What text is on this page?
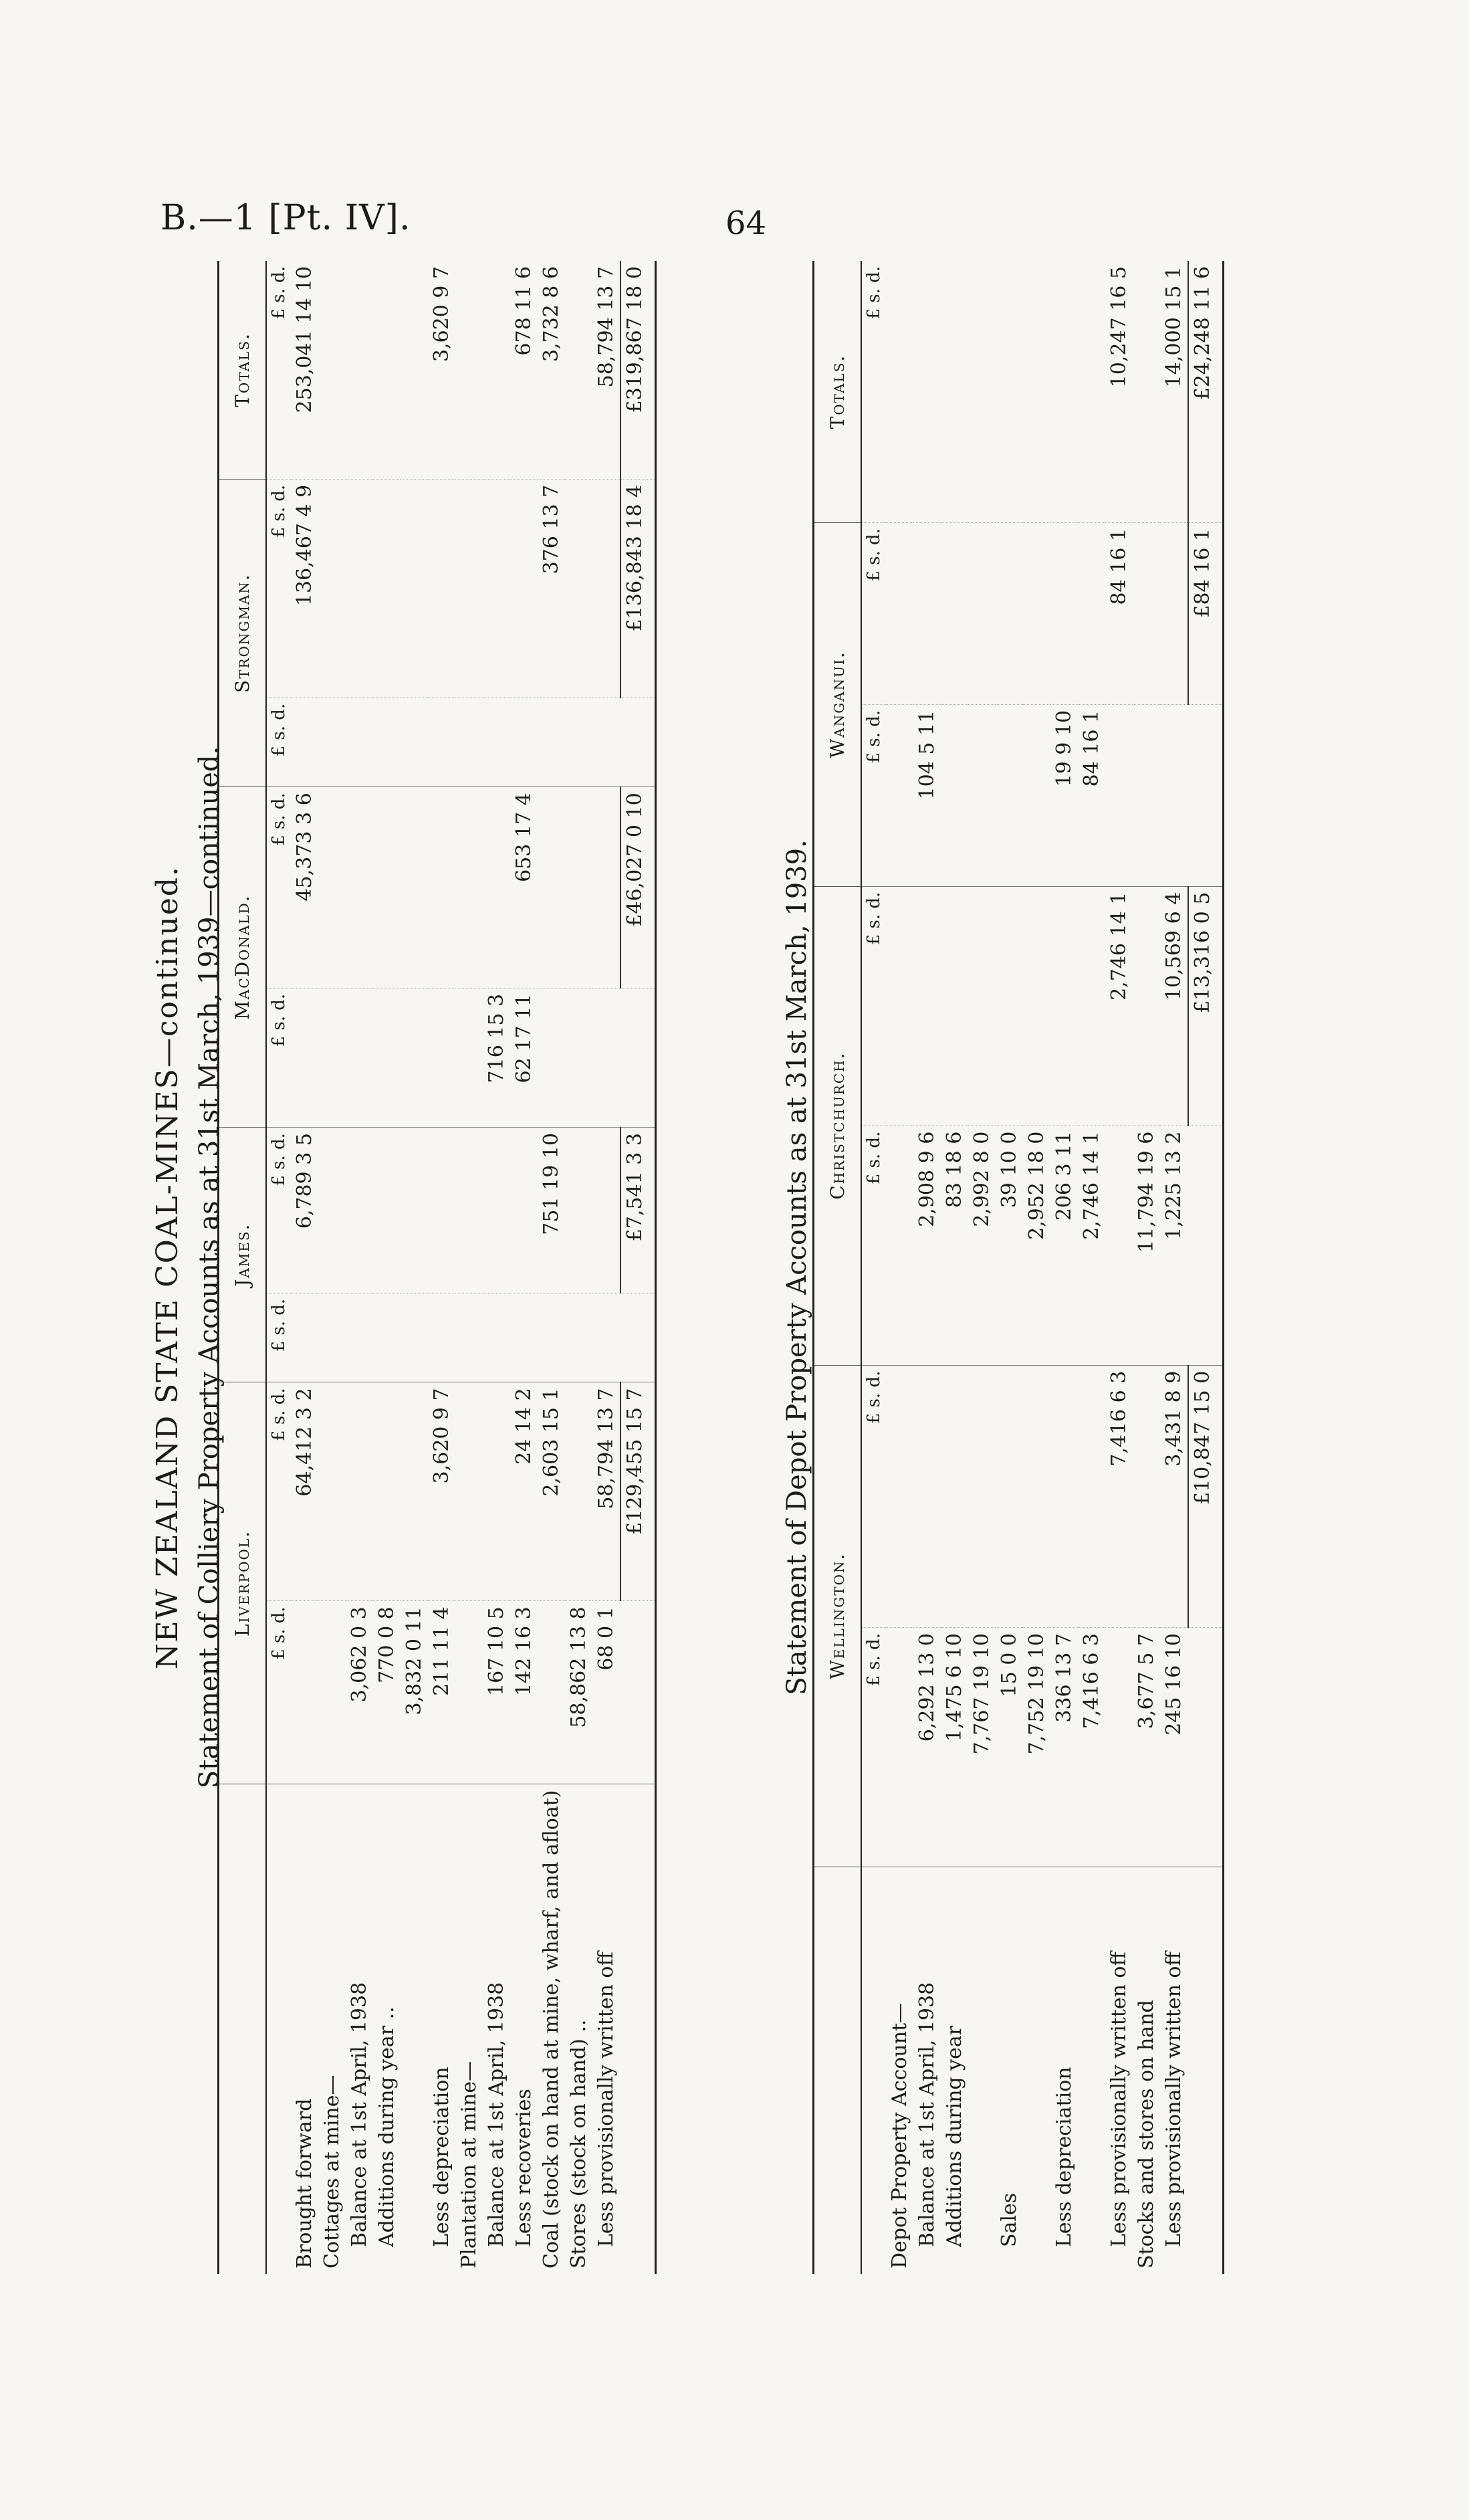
B.—1 [Pt. IV].	64
NEW ZEALAND STATE COAL-MINES—continued. Statement of Colliery Property Accounts as at 31st March, 1939—continued.
	Liverpool.		James.		MacDonald.		Strongman.		Totals.
	£ s. d.	£ s. d.	£ s. d.	£ s. d.	£ s. d.	£ s. d.	£ s. d.	£ s. d.	£ s. d.
Brought forward		64,412 3 2		6,789 3 5		45,373 3 6		136,467 4 9	253,041 14 10
Cottages at mine—									
Balance at 1st April, 1938	3,062 0 3								
Additions during year ..	770 0 8								
	3,832 0 11								
Less depreciation	211 11 4	3,620 9 7							3,620 9 7
Plantation at mine—									
Balance at 1st April, 1938	167 10 5				716 15 3				
Less recoveries	142 16 3	24 14 2			62 17 11	653 17 4			678 11 6
Coal (stock on hand at mine, wharf, and afloat)		2,603 15 1		751 19 10				376 13 7	3,732 8 6
Stores (stock on hand) ..	58,862 13 8								
Less provisionally written off	68 0 1	58,794 13 7							58,794 13 7
		£129,455 15 7		£7,541 3 3		£46,027 0 10		£136,843 18 4	£319,867 18 0
Statement of Depot Property Accounts as at 31st March, 1939.
	Wellington.		Christchurch.		Wanganui.		Totals.
	£ s. d.	£ s. d.	£ s. d.	£ s. d.	£ s. d.	£ s. d.	£ s. d.
Depot Property Account—							
Balance at 1st April, 1938	6,292 13 0		2,908 9 6		104 5 11		
Additions during year	1,475 6 10		83 18 6				
	7,767 19 10		2,992 8 0				
Sales	15 0 0		39 10 0				
	7,752 19 10		2,952 18 0				
Less depreciation	336 13 7		206 3 11		19 9 10		
	7,416 6 3		2,746 14 1		84 16 1		
Less provisionally written off		7,416 6 3		2,746 14 1		84 16 1	10,247 16 5
Stocks and stores on hand	3,677 5 7		11,794 19 6				
Less provisionally written off	245 16 10	3,431 8 9	1,225 13 2	10,569 6 4			14,000 15 1
		£10,847 15 0		£13,316 0 5		£84 16 1	£24,248 11 6
